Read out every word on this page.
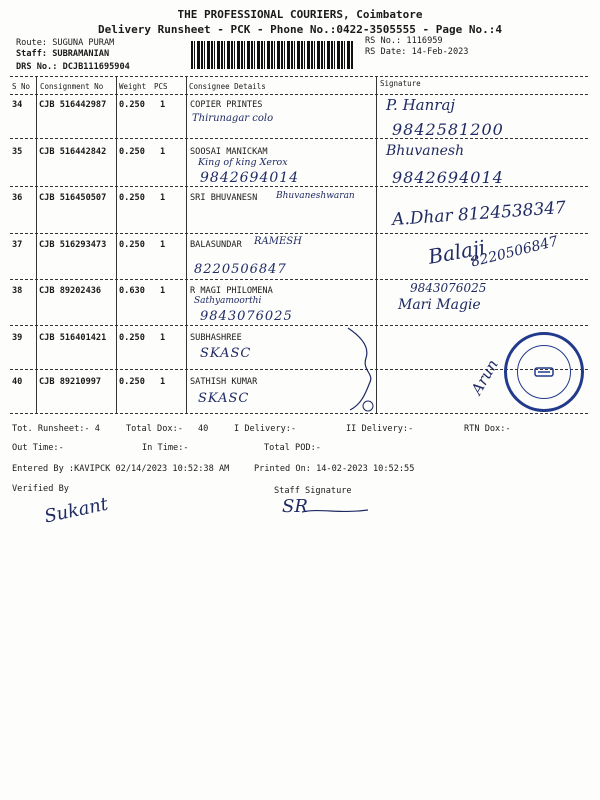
THE PROFESSIONAL COURIERS, Coimbatore
Delivery Runsheet - PCK - Phone No.:0422-3505555 - Page No.:4
Route: SUGUNA PURAM
Staff: SUBRAMANIAN
DRS No.: DCJB111695904
RS No.: 1116959
RS Date: 14-Feb-2023
S No Consignment No Weight PCS	Consignee Details	Signature
34 CJB 516442987 0.250 1	COPIER PRINTES
Thirunagar colo
P. Hanraj
9842581200
35 CJB 516442842 0.250 1	SOOSAI MANICKAM
King of king Xerox
9842694014
Bhuvanesh
9842694014
36 CJB 516450507 0.250 1	SRI BHUVANESN Bhuvaneshwaran
A.Dhar 8124538347
37 CJB 516293473 0.250 1	BALASUNDAR RAMESH
8220506847
Balaji
8220506847
38 CJB 89202436 0.630 1	R MAGI PHILOMENA
Sathyamoorthi
9843076025
9843076025
Mari Magie
39 CJB 516401421 0.250 1	SUBHASHREE
SKASC
40 CJB 89210997 0.250 1	SATHISH KUMAR
SKASC
Arun
Tot. Runsheet:- 4	Total Dox:- 40	I Delivery:-	II Delivery:-	RTN Dox:-
Out Time:-	In Time:-	Total POD:-
Entered By :KAVIPCK 02/14/2023 10:52:38 AM	Printed On: 14-02-2023 10:52:55
Verified By	Staff Signature
Sukant	SR
